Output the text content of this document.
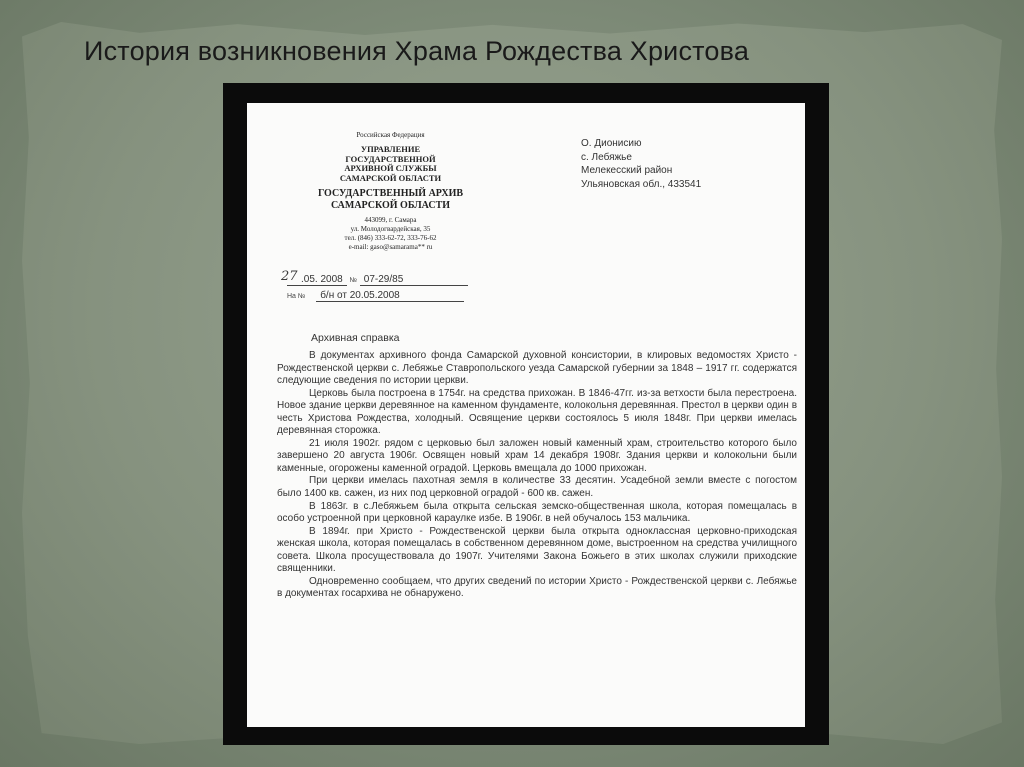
История возникновения Храма Рождества Христова
Российская Федерация
УПРАВЛЕНИЕ
ГОСУДАРСТВЕННОЙ
АРХИВНОЙ СЛУЖБЫ
САМАРСКОЙ ОБЛАСТИ
ГОСУДАРСТВЕННЫЙ АРХИВ
САМАРСКОЙ ОБЛАСТИ
443099, г. Самара
ул. Молодогвардейская, 35
тел. (846) 333-62-72, 333-76-62
e-mail: gaso@samarama** ru
О. Дионисию
с. Лебяжье
Мелекесский район
Ульяновская обл., 433541
27 .05. 2008 № 07-29/85
На № б/н от 20.05.2008
Архивная справка

В документах архивного фонда Самарской духовной консистории, в клировых ведомостях Христо - Рождественской церкви с. Лебяжье Ставропольского уезда Самарской губернии за 1848 – 1917 гг. содержатся следующие сведения по истории церкви.

Церковь была построена в 1754г. на средства прихожан. В 1846-47гг. из-за ветхости была перестроена. Новое здание церкви деревянное на каменном фундаменте, колокольня деревянная. Престол в церкви один в честь Христова Рождества, холодный. Освящение церкви состоялось 5 июля 1848г. При церкви имелась деревянная сторожка.

21 июля 1902г. рядом с церковью был заложен новый каменный храм, строительство которого было завершено 20 августа 1906г. Освящен новый храм 14 декабря 1908г. Здания церкви и колокольни были каменные, огорожены каменной оградой. Церковь вмещала до 1000 прихожан.

При церкви имелась пахотная земля в количестве 33 десятин. Усадебной земли вместе с погостом было 1400 кв. сажен, из них под церковной оградой - 600 кв. сажен.

В 1863г. в с.Лебяжьем была открыта сельская земско-общественная школа, которая помещалась в особо устроенной при церковной караулке избе. В 1906г. в ней обучалось 153 мальчика.

В 1894г. при Христо - Рождественской церкви была открыта одноклассная церковно-приходская женская школа, которая помещалась в собственном деревянном доме, выстроенном на средства училищного совета. Школа просуществовала до 1907г. Учителями Закона Божьего в этих школах служили приходские священники.

Одновременно сообщаем, что других сведений по истории Христо - Рождественской церкви с. Лебяжье в документах госархива не обнаружено.
